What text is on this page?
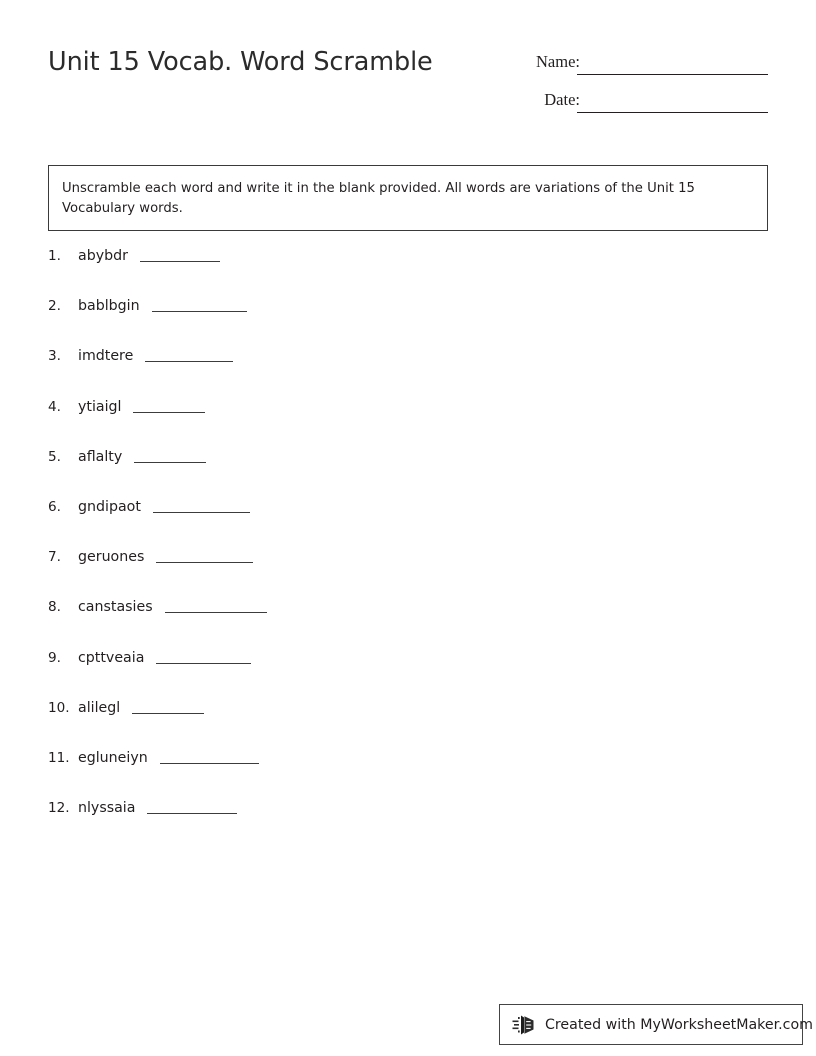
Unit 15 Vocab. Word Scramble	Name:
Date:
Unscramble each word and write it in the blank provided. All words are variations of the Unit 15 Vocabulary words.
1. abybdr
2. bablbgin
3. imdtere
4. ytiaigl
5. aflalty
6. gndipaot
7. geruones
8. canstasies
9. cpttveaia
10. alilegl
11. egluneiyn
12. nlyssaia
Created with MyWorksheetMaker.com
